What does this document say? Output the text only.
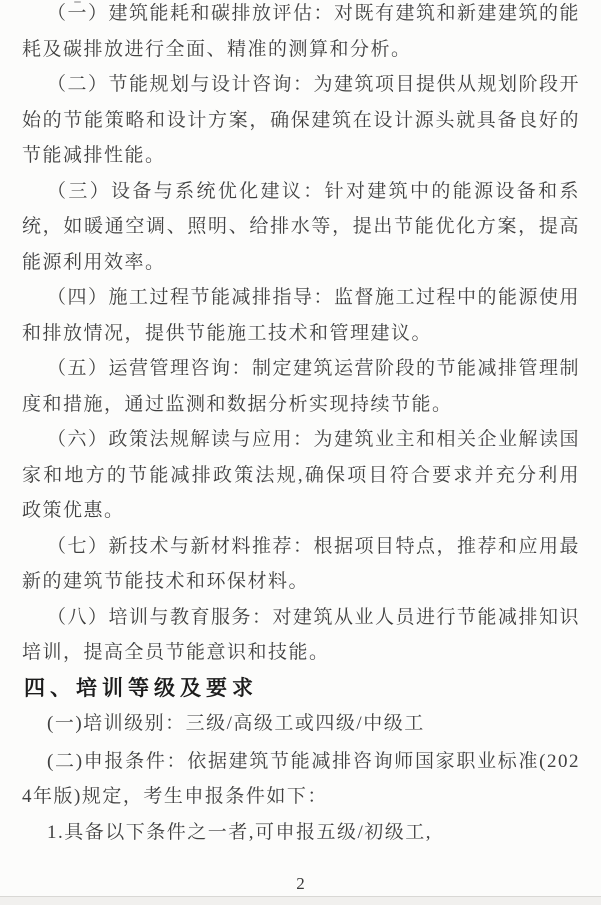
（一）建筑能耗和碳排放评估：对既有建筑和新建建筑的能耗及碳排放进行全面、精准的测算和分析。

（二）节能规划与设计咨询：为建筑项目提供从规划阶段开始的节能策略和设计方案，确保建筑在设计源头就具备良好的节能减排性能。

（三）设备与系统优化建议：针对建筑中的能源设备和系统，如暖通空调、照明、给排水等，提出节能优化方案，提高能源利用效率。

（四）施工过程节能减排指导：监督施工过程中的能源使用和排放情况，提供节能施工技术和管理建议。

（五）运营管理咨询：制定建筑运营阶段的节能减排管理制度和措施，通过监测和数据分析实现持续节能。

（六）政策法规解读与应用：为建筑业主和相关企业解读国家和地方的节能减排政策法规,确保项目符合要求并充分利用政策优惠。

（七）新技术与新材料推荐：根据项目特点，推荐和应用最新的建筑节能技术和环保材料。

（八）培训与教育服务：对建筑从业人员进行节能减排知识培训，提高全员节能意识和技能。

四、培训等级及要求

(一)培训级别：三级/高级工或四级/中级工

(二)申报条件：依据建筑节能减排咨询师国家职业标准(2024年版)规定，考生申报条件如下：

1.具备以下条件之一者,可申报五级/初级工,

2
